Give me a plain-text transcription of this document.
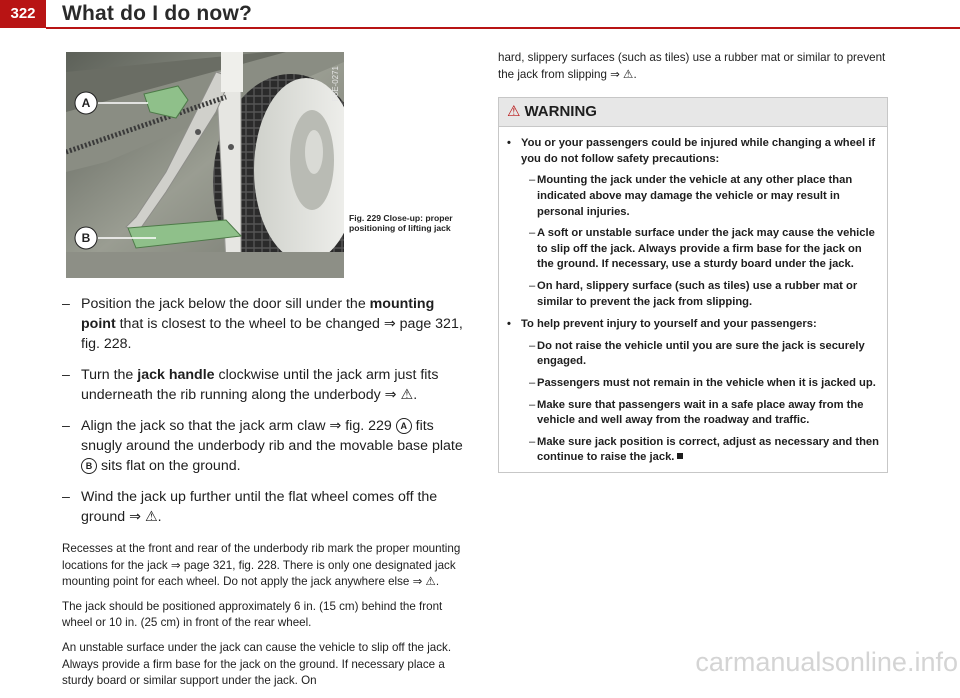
322	What do I do now?
A
B
B8E-0271
Fig. 229 Close-up: proper positioning of lifting jack
– Position the jack below the door sill under the mounting point that is closest to the wheel to be changed ⇒ page 321, fig. 228.
– Turn the jack handle clockwise until the jack arm just fits underneath the rib running along the underbody ⇒ ⚠.
– Align the jack so that the jack arm claw ⇒ fig. 229 A fits snugly around the underbody rib and the movable base plate B sits flat on the ground.
– Wind the jack up further until the flat wheel comes off the ground ⇒ ⚠.

Recesses at the front and rear of the underbody rib mark the proper mounting locations for the jack ⇒ page 321, fig. 228. There is only one designated jack mounting point for each wheel. Do not apply the jack anywhere else ⇒ ⚠.

The jack should be positioned approximately 6 in. (15 cm) behind the front wheel or 10 in. (25 cm) in front of the rear wheel.

An unstable surface under the jack can cause the vehicle to slip off the jack. Always provide a firm base for the jack on the ground. If necessary place a sturdy board or similar support under the jack. On

hard, slippery surfaces (such as tiles) use a rubber mat or similar to prevent the jack from slipping ⇒ ⚠.

⚠ WARNING
• You or your passengers could be injured while changing a wheel if you do not follow safety precautions:
– Mounting the jack under the vehicle at any other place than indicated above may damage the vehicle or may result in personal injuries.
– A soft or unstable surface under the jack may cause the vehicle to slip off the jack. Always provide a firm base for the jack on the ground. If necessary, use a sturdy board under the jack.
– On hard, slippery surface (such as tiles) use a rubber mat or similar to prevent the jack from slipping.
• To help prevent injury to yourself and your passengers:
– Do not raise the vehicle until you are sure the jack is securely engaged.
– Passengers must not remain in the vehicle when it is jacked up.
– Make sure that passengers wait in a safe place away from the vehicle and well away from the roadway and traffic.
– Make sure jack position is correct, adjust as necessary and then continue to raise the jack.
carmanualsonline.info
